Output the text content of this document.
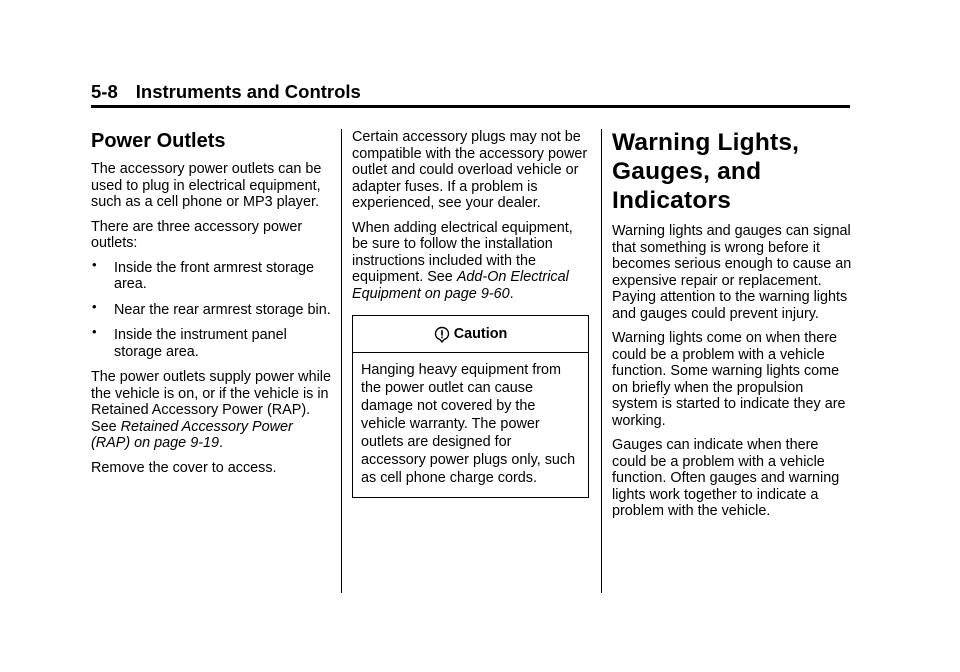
5-8 Instruments and Controls
Power Outlets

The accessory power outlets can be used to plug in electrical equipment, such as a cell phone or MP3 player.

There are three accessory power outlets:

• Inside the front armrest storage area.
• Near the rear armrest storage bin.
• Inside the instrument panel storage area.

The power outlets supply power while the vehicle is on, or if the vehicle is in Retained Accessory Power (RAP). See Retained Accessory Power (RAP) on page 9‑19.

Remove the cover to access.

Certain accessory plugs may not be compatible with the accessory power outlet and could overload vehicle or adapter fuses. If a problem is experienced, see your dealer.

When adding electrical equipment, be sure to follow the installation instructions included with the equipment. See Add-On Electrical Equipment on page 9‑60.

Caution
Hanging heavy equipment from the power outlet can cause damage not covered by the vehicle warranty. The power outlets are designed for accessory power plugs only, such as cell phone charge cords.
Warning Lights, Gauges, and Indicators

Warning lights and gauges can signal that something is wrong before it becomes serious enough to cause an expensive repair or replacement. Paying attention to the warning lights and gauges could prevent injury.

Warning lights come on when there could be a problem with a vehicle function. Some warning lights come on briefly when the propulsion system is started to indicate they are working.

Gauges can indicate when there could be a problem with a vehicle function. Often gauges and warning lights work together to indicate a problem with the vehicle.
